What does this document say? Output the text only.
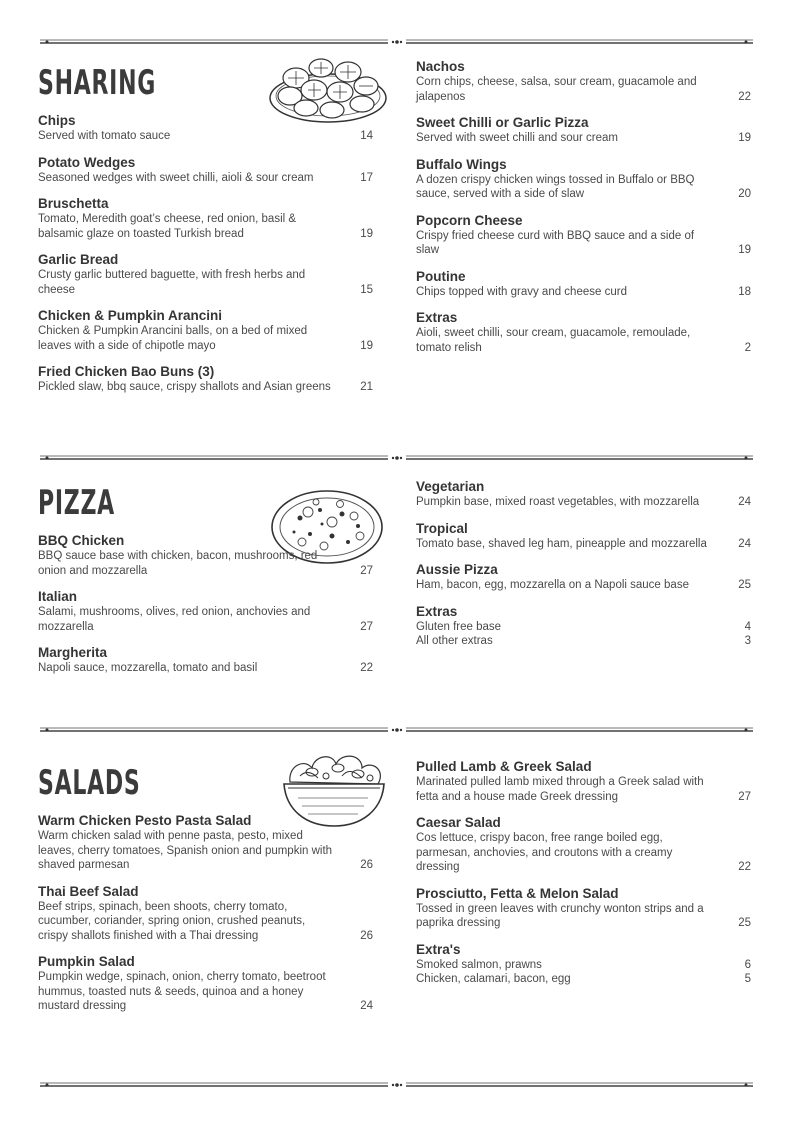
SHARING
Chips
Served with tomato sauce	14
Potato Wedges
Seasoned wedges with sweet chilli, aioli & sour cream	17
Bruschetta
Tomato, Meredith goat’s cheese, red onion, basil & balsamic glaze on toasted Turkish bread	19
Garlic Bread
Crusty garlic buttered baguette, with fresh herbs and cheese	15
Chicken & Pumpkin Arancini
Chicken & Pumpkin Arancini balls, on a bed of mixed leaves with a side of chipotle mayo	19
Fried Chicken Bao Buns (3)
Pickled slaw, bbq sauce, crispy shallots and Asian greens	21
Nachos
Corn chips, cheese, salsa, sour cream, guacamole and jalapenos	22
Sweet Chilli or Garlic Pizza
Served with sweet chilli and sour cream	19
Buffalo Wings
A dozen crispy chicken wings tossed in Buffalo or BBQ sauce, served with a side of slaw	20
Popcorn Cheese
Crispy fried cheese curd with BBQ sauce and a side of slaw	19
Poutine
Chips topped with gravy and cheese curd	18
Extras
Aioli, sweet chilli, sour cream, guacamole, remoulade, tomato relish	2
PIZZA
BBQ Chicken
BBQ sauce base with chicken, bacon, mushrooms, red onion and mozzarella	27
Italian
Salami, mushrooms, olives, red onion, anchovies and mozzarella	27
Margherita
Napoli sauce, mozzarella, tomato and basil	22
Vegetarian
Pumpkin base, mixed roast vegetables, with mozzarella	24
Tropical
Tomato base, shaved leg ham, pineapple and mozzarella	24
Aussie Pizza
Ham, bacon, egg, mozzarella on a Napoli sauce base	25
Extras
Gluten free base	4
All other extras	3
SALADS
Warm Chicken Pesto Pasta Salad
Warm chicken salad with penne pasta, pesto, mixed leaves, cherry tomatoes, Spanish onion and pumpkin with shaved parmesan	26
Thai Beef Salad
Beef strips, spinach, been shoots, cherry tomato, cucumber, coriander, spring onion, crushed peanuts, crispy shallots finished with a Thai dressing	26
Pumpkin Salad
Pumpkin wedge, spinach, onion, cherry tomato, beetroot hummus, toasted nuts & seeds, quinoa and a honey mustard dressing	24
Pulled Lamb & Greek Salad
Marinated pulled lamb mixed through a Greek salad with fetta and a house made Greek dressing	27
Caesar Salad
Cos lettuce, crispy bacon, free range boiled egg, parmesan, anchovies, and croutons with a creamy dressing	22
Prosciutto, Fetta & Melon Salad
Tossed in green leaves with crunchy wonton strips and a paprika dressing	25
Extra's
Smoked salmon, prawns	6
Chicken, calamari, bacon, egg	5
